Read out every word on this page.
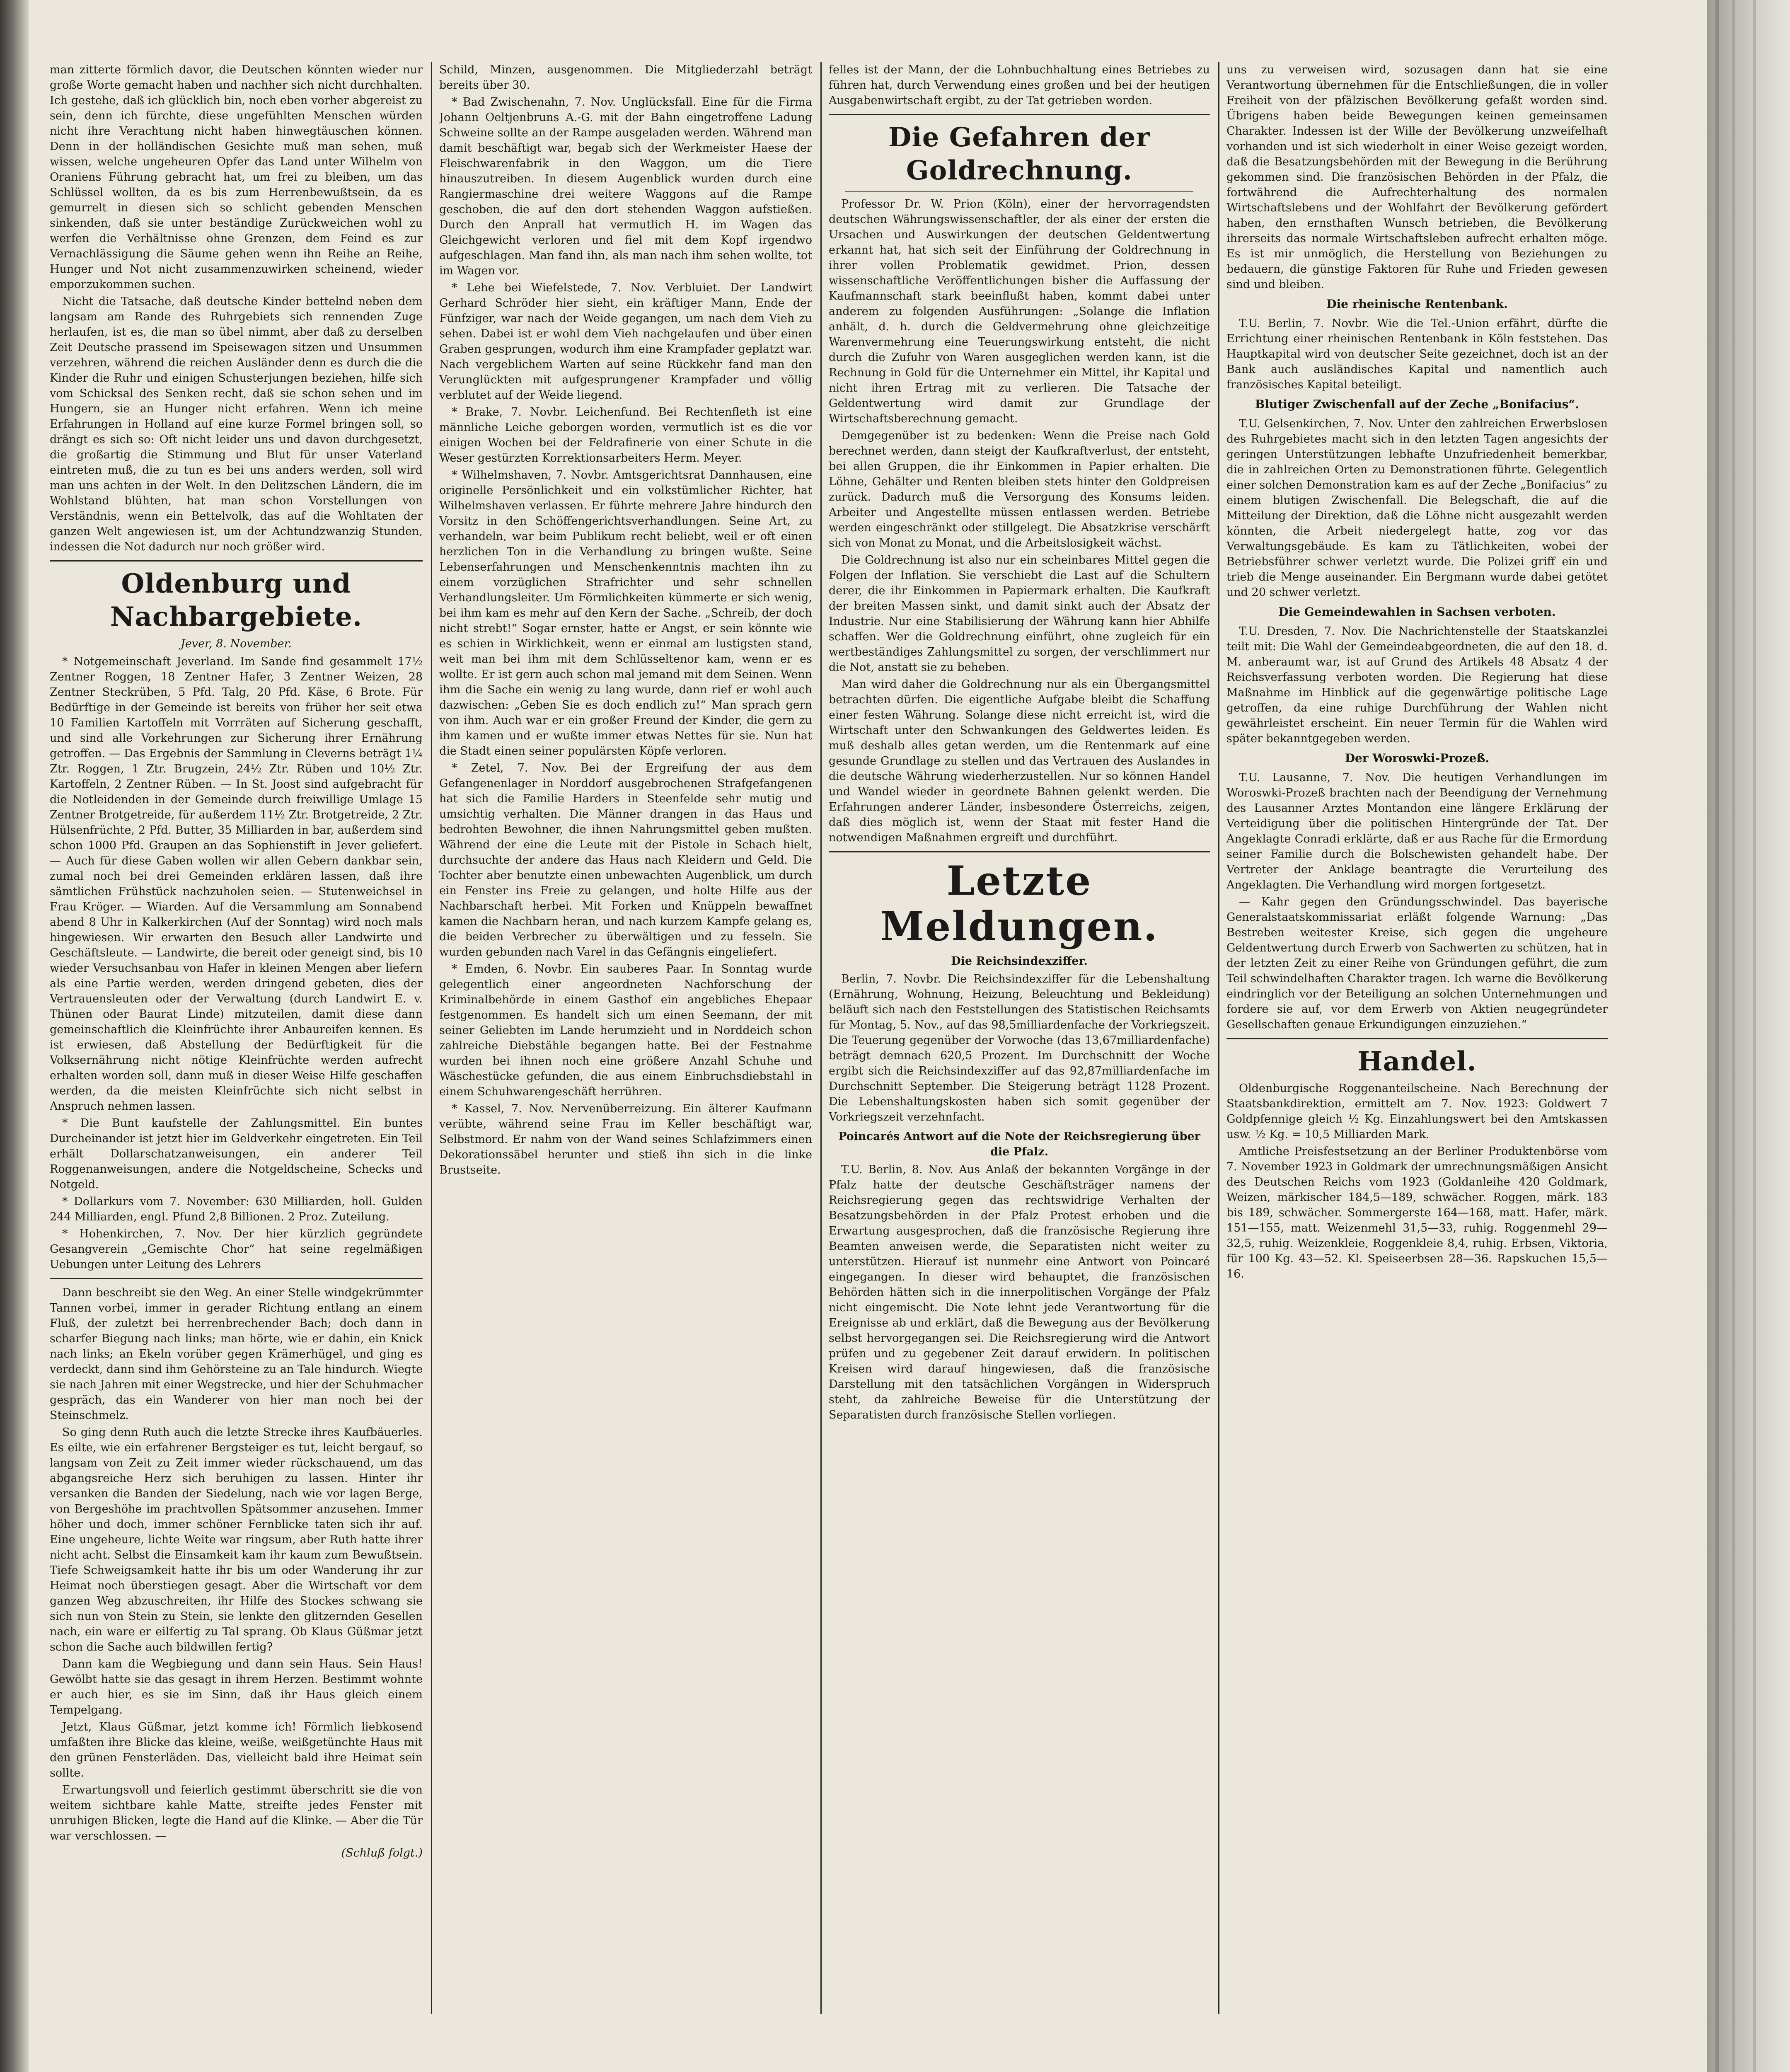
man zitterte förmlich davor, die Deutschen könnten wieder nur große Worte gemacht haben und nachher sich nicht durchhalten. Ich gestehe, daß ich glücklich bin, noch eben vorher abgereist zu sein, denn ich fürchte, diese ungefühlten Menschen würden nicht ihre Verachtung nicht haben hinwegtäuschen können. Denn in der holländischen Gesichte muß man sehen, muß wissen, welche ungeheuren Opfer das Land unter Wilhelm von Oraniens Führung gebracht hat, um frei zu bleiben, um das Schlüssel wollten, da es bis zum Herrenbewußtsein, da es gemurrelt in diesen sich so schlicht gebenden Menschen sinkenden, daß sie unter beständige Zurückweichen wohl zu werfen die Verhältnisse ohne Grenzen, dem Feind es zur Vernachlässigung die Säume gehen wenn ihn Reihe an Reihe, Hunger und Not nicht zusammenzuwirken scheinend, wieder emporzukommen suchen.

Nicht die Tatsache, daß deutsche Kinder bettelnd neben dem langsam am Rande des Ruhrgebiets sich rennenden Zuge herlaufen, ist es, die man so übel nimmt, aber daß zu derselben Zeit Deutsche prassend im Speisewagen sitzen und Unsummen verzehren, während die reichen Ausländer denn es durch die die Kinder die Ruhr und einigen Schusterjungen beziehen, hilfe sich vom Schicksal des Senken recht, daß sie schon sehen und im Hungern, sie an Hunger nicht erfahren. Wenn ich meine Erfahrungen in Holland auf eine kurze Formel bringen soll, so drängt es sich so: Oft nicht leider uns und davon durchgesetzt, die großartig die Stimmung und Blut für unser Vaterland eintreten muß, die zu tun es bei uns anders werden, soll wird man uns achten in der Welt. In den Delitzschen Ländern, die im Wohlstand blühten, hat man schon Vorstellungen von Verständnis, wenn ein Bettelvolk, das auf die Wohltaten der ganzen Welt angewiesen ist, um der Achtundzwanzig Stunden, indessen die Not dadurch nur noch größer wird.

Oldenburg und Nachbargebiete.
Jever, 8. November.

* Notgemeinschaft Jeverland. Im Sande find gesammelt 17½ Zentner Roggen, 18 Zentner Hafer, 3 Zentner Weizen, 28 Zentner Steckrüben, 5 Pfd. Talg, 20 Pfd. Käse, 6 Brote. Für Bedürftige in der Gemeinde ist bereits von früher her seit etwa 10 Familien Kartoffeln mit Vorrräten auf Sicherung geschafft, und sind alle Vorkehrungen zur Sicherung ihrer Ernährung getroffen. — Das Ergebnis der Sammlung in Cleverns beträgt 1¼ Ztr. Roggen, 1 Ztr. Brugzein, 24½ Ztr. Rüben und 10½ Ztr. Kartoffeln, 2 Zentner Rüben. — In St. Joost sind aufgebracht für die Notleidenden in der Gemeinde durch freiwillige Umlage 15 Zentner Brotgetreide, für außerdem 11½ Ztr. Brotgetreide, 2 Ztr. Hülsenfrüchte, 2 Pfd. Butter, 35 Milliarden in bar, außerdem sind schon 1000 Pfd. Graupen an das Sophienstift in Jever geliefert. — Auch für diese Gaben wollen wir allen Gebern dankbar sein, zumal noch bei drei Gemeinden erklären lassen, daß ihre sämtlichen Frühstück nachzuholen seien. — Stutenweichsel in Frau Kröger. — Wiarden. Auf die Versammlung am Sonnabend abend 8 Uhr in Kalkerkirchen (Auf der Sonntag) wird noch mals hingewiesen. Wir erwarten den Besuch aller Landwirte und Geschäftsleute. — Landwirte, die bereit oder geneigt sind, bis 10 wieder Versuchsanbau von Hafer in kleinen Mengen aber liefern als eine Partie werden, werden dringend gebeten, dies der Vertrauensleuten oder der Verwaltung (durch Landwirt E. v. Thünen oder Baurat Linde) mitzuteilen, damit diese dann gemeinschaftlich die Kleinfrüchte ihrer Anbaureifen kennen. Es ist erwiesen, daß Abstellung der Bedürftigkeit für die Volksernährung nicht nötige Kleinfrüchte werden aufrecht erhalten worden soll, dann muß in dieser Weise Hilfe geschaffen werden, da die meisten Kleinfrüchte sich nicht selbst in Anspruch nehmen lassen.

* Die Bunt kaufstelle der Zahlungsmittel. Ein buntes Durcheinander ist jetzt hier im Geldverkehr eingetreten. Ein Teil erhält Dollarschatzanweisungen, ein anderer Teil Roggenanweisungen, andere die Notgeldscheine, Schecks und Notgeld.

* Dollarkurs vom 7. November: 630 Milliarden, holl. Gulden 244 Milliarden, engl. Pfund 2,8 Billionen. 2 Proz. Zuteilung.

* Hohenkirchen, 7. Nov. Der hier kürzlich gegründete Gesangverein „Gemischte Chor“ hat seine regelmäßigen Uebungen unter Leitung des Lehrers

Dann beschreibt sie den Weg. An einer Stelle windgekrümmter Tannen vorbei, immer in gerader Richtung entlang an einem Fluß, der zuletzt bei herrenbrechender Bach; doch dann in scharfer Biegung nach links; man hörte, wie er dahin, ein Knick nach links; an Ekeln vorüber gegen Krämerhügel, und ging es verdeckt, dann sind ihm Gehörsteine zu an Tale hindurch. Wiegte sie nach Jahren mit einer Wegstrecke, und hier der Schuhmacher gespräch, das ein Wanderer von hier man noch bei der Steinschmelz.

So ging denn Ruth auch die letzte Strecke ihres Kaufbäuerles. Es eilte, wie ein erfahrener Bergsteiger es tut, leicht bergauf, so langsam von Zeit zu Zeit immer wieder rückschauend, um das abgangsreiche Herz sich beruhigen zu lassen. Hinter ihr versanken die Banden der Siedelung, nach wie vor lagen Berge, von Bergeshöhe im prachtvollen Spätsommer anzusehen. Immer höher und doch, immer schöner Fernblicke taten sich ihr auf. Eine ungeheure, lichte Weite war ringsum, aber Ruth hatte ihrer nicht acht. Selbst die Einsamkeit kam ihr kaum zum Bewußtsein. Tiefe Schweigsamkeit hatte ihr bis um oder Wanderung ihr zur Heimat noch überstiegen gesagt. Aber die Wirtschaft vor dem ganzen Weg abzuschreiten, ihr Hilfe des Stockes schwang sie sich nun von Stein zu Stein, sie lenkte den glitzernden Gesellen nach, ein ware er eilfertig zu Tal sprang. Ob Klaus Güßmar jetzt schon die Sache auch bildwillen fertig?

Dann kam die Wegbiegung und dann sein Haus. Sein Haus! Gewölbt hatte sie das gesagt in ihrem Herzen. Bestimmt wohnte er auch hier, es sie im Sinn, daß ihr Haus gleich einem Tempelgang.

Jetzt, Klaus Güßmar, jetzt komme ich! Förmlich liebkosend umfaßten ihre Blicke das kleine, weiße, weißgetünchte Haus mit den grünen Fensterläden. Das, vielleicht bald ihre Heimat sein sollte.

Erwartungsvoll und feierlich gestimmt überschritt sie die von weitem sichtbare kahle Matte, streifte jedes Fenster mit unruhigen Blicken, legte die Hand auf die Klinke. — Aber die Tür war verschlossen. —

(Schluß folgt.)

Schild, Minzen, ausgenommen. Die Mitgliederzahl beträgt bereits über 30.

* Bad Zwischenahn, 7. Nov. Unglücksfall. Eine für die Firma Johann Oeltjenbruns A.-G. mit der Bahn eingetroffene Ladung Schweine sollte an der Rampe ausgeladen werden. Während man damit beschäftigt war, begab sich der Werkmeister Haese der Fleischwarenfabrik in den Waggon, um die Tiere hinauszutreiben. In diesem Augenblick wurden durch eine Rangiermaschine drei weitere Waggons auf die Rampe geschoben, die auf den dort stehenden Waggon aufstießen. Durch den Anprall hat vermutlich H. im Wagen das Gleichgewicht verloren und fiel mit dem Kopf irgendwo aufgeschlagen. Man fand ihn, als man nach ihm sehen wollte, tot im Wagen vor.

* Lehe bei Wiefelstede, 7. Nov. Verbluiet. Der Landwirt Gerhard Schröder hier sieht, ein kräftiger Mann, Ende der Fünfziger, war nach der Weide gegangen, um nach dem Vieh zu sehen. Dabei ist er wohl dem Vieh nachgelaufen und über einen Graben gesprungen, wodurch ihm eine Krampfader geplatzt war. Nach vergeblichem Warten auf seine Rückkehr fand man den Verunglückten mit aufgesprungener Krampfader und völlig verblutet auf der Weide liegend.

* Brake, 7. Novbr. Leichenfund. Bei Rechtenfleth ist eine männliche Leiche geborgen worden, vermutlich ist es die vor einigen Wochen bei der Feldrafinerie von einer Schute in die Weser gestürzten Korrektionsarbeiters Herm. Meyer.

* Wilhelmshaven, 7. Novbr. Amtsgerichtsrat Dannhausen, eine originelle Persönlichkeit und ein volkstümlicher Richter, hat Wilhelmshaven verlassen. Er führte mehrere Jahre hindurch den Vorsitz in den Schöffengerichtsverhandlungen. Seine Art, zu verhandeln, war beim Publikum recht beliebt, weil er oft einen herzlichen Ton in die Verhandlung zu bringen wußte. Seine Lebenserfahrungen und Menschenkenntnis machten ihn zu einem vorzüglichen Strafrichter und sehr schnellen Verhandlungsleiter. Um Förmlichkeiten kümmerte er sich wenig, bei ihm kam es mehr auf den Kern der Sache. „Schreib, der doch nicht strebt!“ Sogar ernster, hatte er Angst, er sein könnte wie es schien in Wirklichkeit, wenn er einmal am lustigsten stand, weit man bei ihm mit dem Schlüsseltenor kam, wenn er es wollte. Er ist gern auch schon mal jemand mit dem Seinen. Wenn ihm die Sache ein wenig zu lang wurde, dann rief er wohl auch dazwischen: „Geben Sie es doch endlich zu!“ Man sprach gern von ihm. Auch war er ein großer Freund der Kinder, die gern zu ihm kamen und er wußte immer etwas Nettes für sie. Nun hat die Stadt einen seiner populärsten Köpfe verloren.

* Zetel, 7. Nov. Bei der Ergreifung der aus dem Gefangenenlager in Norddorf ausgebrochenen Strafgefangenen hat sich die Familie Harders in Steenfelde sehr mutig und umsichtig verhalten. Die Männer drangen in das Haus und bedrohten Bewohner, die ihnen Nahrungsmittel geben mußten. Während der eine die Leute mit der Pistole in Schach hielt, durchsuchte der andere das Haus nach Kleidern und Geld. Die Tochter aber benutzte einen unbewachten Augenblick, um durch ein Fenster ins Freie zu gelangen, und holte Hilfe aus der Nachbarschaft herbei. Mit Forken und Knüppeln bewaffnet kamen die Nachbarn heran, und nach kurzem Kampfe gelang es, die beiden Verbrecher zu überwältigen und zu fesseln. Sie wurden gebunden nach Varel in das Gefängnis eingeliefert.

* Emden, 6. Novbr. Ein sauberes Paar. In Sonntag wurde gelegentlich einer angeordneten Nachforschung der Kriminalbehörde in einem Gasthof ein angebliches Ehepaar festgenommen. Es handelt sich um einen Seemann, der mit seiner Geliebten im Lande herumzieht und in Norddeich schon zahlreiche Diebstähle begangen hatte. Bei der Festnahme wurden bei ihnen noch eine größere Anzahl Schuhe und Wäschestücke gefunden, die aus einem Einbruchsdiebstahl in einem Schuhwarengeschäft herrühren.

* Kassel, 7. Nov. Nervenüberreizung. Ein älterer Kaufmann verübte, während seine Frau im Keller beschäftigt war, Selbstmord. Er nahm von der Wand seines Schlafzimmers einen Dekorationssäbel herunter und stieß ihn sich in die linke Brustseite.

felles ist der Mann, der die Lohnbuchhaltung eines Betriebes zu führen hat, durch Verwendung eines großen und bei der heutigen Ausgabenwirtschaft ergibt, zu der Tat getrieben worden.

Die Gefahren der Goldrechnung.

Professor Dr. W. Prion (Köln), einer der hervorragendsten deutschen Währungswissenschaftler, der als einer der ersten die Ursachen und Auswirkungen der deutschen Geldentwertung erkannt hat, hat sich seit der Einführung der Goldrechnung in ihrer vollen Problematik gewidmet. Prion, dessen wissenschaftliche Veröffentlichungen bisher die Auffassung der Kaufmannschaft stark beeinflußt haben, kommt dabei unter anderem zu folgenden Ausführungen: „Solange die Inflation anhält, d. h. durch die Geldvermehrung ohne gleichzeitige Warenvermehrung eine Teuerungswirkung entsteht, die nicht durch die Zufuhr von Waren ausgeglichen werden kann, ist die Rechnung in Gold für die Unternehmer ein Mittel, ihr Kapital und nicht ihren Ertrag mit zu verlieren. Die Tatsache der Geldentwertung wird damit zur Grundlage der Wirtschaftsberechnung gemacht.

Demgegenüber ist zu bedenken: Wenn die Preise nach Gold berechnet werden, dann steigt der Kaufkraftverlust, der entsteht, bei allen Gruppen, die ihr Einkommen in Papier erhalten. Die Löhne, Gehälter und Renten bleiben stets hinter den Goldpreisen zurück. Dadurch muß die Versorgung des Konsums leiden. Arbeiter und Angestellte müssen entlassen werden. Betriebe werden eingeschränkt oder stillgelegt. Die Absatzkrise verschärft sich von Monat zu Monat, und die Arbeitslosigkeit wächst.

Die Goldrechnung ist also nur ein scheinbares Mittel gegen die Folgen der Inflation. Sie verschiebt die Last auf die Schultern derer, die ihr Einkommen in Papiermark erhalten. Die Kaufkraft der breiten Massen sinkt, und damit sinkt auch der Absatz der Industrie. Nur eine Stabilisierung der Währung kann hier Abhilfe schaffen. Wer die Goldrechnung einführt, ohne zugleich für ein wertbeständiges Zahlungsmittel zu sorgen, der verschlimmert nur die Not, anstatt sie zu beheben.

Man wird daher die Goldrechnung nur als ein Übergangsmittel betrachten dürfen. Die eigentliche Aufgabe bleibt die Schaffung einer festen Währung. Solange diese nicht erreicht ist, wird die Wirtschaft unter den Schwankungen des Geldwertes leiden. Es muß deshalb alles getan werden, um die Rentenmark auf eine gesunde Grundlage zu stellen und das Vertrauen des Auslandes in die deutsche Währung wiederherzustellen. Nur so können Handel und Wandel wieder in geordnete Bahnen gelenkt werden. Die Erfahrungen anderer Länder, insbesondere Österreichs, zeigen, daß dies möglich ist, wenn der Staat mit fester Hand die notwendigen Maßnahmen ergreift und durchführt.

Letzte Meldungen.
Die Reichsindexziffer.

Berlin, 7. Novbr. Die Reichsindexziffer für die Lebenshaltung (Ernährung, Wohnung, Heizung, Beleuchtung und Bekleidung) beläuft sich nach den Feststellungen des Statistischen Reichsamts für Montag, 5. Nov., auf das 98,5milliardenfache der Vorkriegszeit. Die Teuerung gegenüber der Vorwoche (das 13,67milliardenfache) beträgt demnach 620,5 Prozent. Im Durchschnitt der Woche ergibt sich die Reichsindexziffer auf das 92,87milliardenfache im Durchschnitt September. Die Steigerung beträgt 1128 Prozent. Die Lebenshaltungskosten haben sich somit gegenüber der Vorkriegszeit verzehnfacht.

Poincarés Antwort auf die Note der Reichsregierung über die Pfalz.

T.U. Berlin, 8. Nov. Aus Anlaß der bekannten Vorgänge in der Pfalz hatte der deutsche Geschäftsträger namens der Reichsregierung gegen das rechtswidrige Verhalten der Besatzungsbehörden in der Pfalz Protest erhoben und die Erwartung ausgesprochen, daß die französische Regierung ihre Beamten anweisen werde, die Separatisten nicht weiter zu unterstützen. Hierauf ist nunmehr eine Antwort von Poincaré eingegangen. In dieser wird behauptet, die französischen Behörden hätten sich in die innerpolitischen Vorgänge der Pfalz nicht eingemischt. Die Note lehnt jede Verantwortung für die Ereignisse ab und erklärt, daß die Bewegung aus der Bevölkerung selbst hervorgegangen sei. Die Reichsregierung wird die Antwort prüfen und zu gegebener Zeit darauf erwidern. In politischen Kreisen wird darauf hingewiesen, daß die französische Darstellung mit den tatsächlichen Vorgängen in Widerspruch steht, da zahlreiche Beweise für die Unterstützung der Separatisten durch französische Stellen vorliegen.

uns zu verweisen wird, sozusagen dann hat sie eine Verantwortung übernehmen für die Entschließungen, die in voller Freiheit von der pfälzischen Bevölkerung gefaßt worden sind. Übrigens haben beide Bewegungen keinen gemeinsamen Charakter. Indessen ist der Wille der Bevölkerung unzweifelhaft vorhanden und ist sich wiederholt in einer Weise gezeigt worden, daß die Besatzungsbehörden mit der Bewegung in die Berührung gekommen sind. Die französischen Behörden in der Pfalz, die fortwährend die Aufrechterhaltung des normalen Wirtschaftslebens und der Wohlfahrt der Bevölkerung gefördert haben, den ernsthaften Wunsch betrieben, die Bevölkerung ihrerseits das normale Wirtschaftsleben aufrecht erhalten möge. Es ist mir unmöglich, die Herstellung von Beziehungen zu bedauern, die günstige Faktoren für Ruhe und Frieden gewesen sind und bleiben.

Die rheinische Rentenbank.

T.U. Berlin, 7. Novbr. Wie die Tel.-Union erfährt, dürfte die Errichtung einer rheinischen Rentenbank in Köln feststehen. Das Hauptkapital wird von deutscher Seite gezeichnet, doch ist an der Bank auch ausländisches Kapital und namentlich auch französisches Kapital beteiligt.

Blutiger Zwischenfall auf der Zeche „Bonifacius“.

T.U. Gelsenkirchen, 7. Nov. Unter den zahlreichen Erwerbslosen des Ruhrgebietes macht sich in den letzten Tagen angesichts der geringen Unterstützungen lebhafte Unzufriedenheit bemerkbar, die in zahlreichen Orten zu Demonstrationen führte. Gelegentlich einer solchen Demonstration kam es auf der Zeche „Bonifacius“ zu einem blutigen Zwischenfall. Die Belegschaft, die auf die Mitteilung der Direktion, daß die Löhne nicht ausgezahlt werden könnten, die Arbeit niedergelegt hatte, zog vor das Verwaltungsgebäude. Es kam zu Tätlichkeiten, wobei der Betriebsführer schwer verletzt wurde. Die Polizei griff ein und trieb die Menge auseinander. Ein Bergmann wurde dabei getötet und 20 schwer verletzt.

Die Gemeindewahlen in Sachsen verboten.

T.U. Dresden, 7. Nov. Die Nachrichtenstelle der Staatskanzlei teilt mit: Die Wahl der Gemeindeabgeordneten, die auf den 18. d. M. anberaumt war, ist auf Grund des Artikels 48 Absatz 4 der Reichsverfassung verboten worden. Die Regierung hat diese Maßnahme im Hinblick auf die gegenwärtige politische Lage getroffen, da eine ruhige Durchführung der Wahlen nicht gewährleistet erscheint. Ein neuer Termin für die Wahlen wird später bekanntgegeben werden.

Der Woroswki-Prozeß.

T.U. Lausanne, 7. Nov. Die heutigen Verhandlungen im Woroswki-Prozeß brachten nach der Beendigung der Vernehmung des Lausanner Arztes Montandon eine längere Erklärung der Verteidigung über die politischen Hintergründe der Tat. Der Angeklagte Conradi erklärte, daß er aus Rache für die Ermordung seiner Familie durch die Bolschewisten gehandelt habe. Der Vertreter der Anklage beantragte die Verurteilung des Angeklagten. Die Verhandlung wird morgen fortgesetzt.

— Kahr gegen den Gründungsschwindel. Das bayerische Generalstaatskommissariat erläßt folgende Warnung: „Das Bestreben weitester Kreise, sich gegen die ungeheure Geldentwertung durch Erwerb von Sachwerten zu schützen, hat in der letzten Zeit zu einer Reihe von Gründungen geführt, die zum Teil schwindelhaften Charakter tragen. Ich warne die Bevölkerung eindringlich vor der Beteiligung an solchen Unternehmungen und fordere sie auf, vor dem Erwerb von Aktien neugegründeter Gesellschaften genaue Erkundigungen einzuziehen.“

Handel.

Oldenburgische Roggenanteilscheine. Nach Berechnung der Staatsbankdirektion, ermittelt am 7. Nov. 1923: Goldwert 7 Goldpfennige gleich ½ Kg. Einzahlungswert bei den Amtskassen usw. ½ Kg. = 10,5 Milliarden Mark.

Amtliche Preisfestsetzung an der Berliner Produktenbörse vom 7. November 1923 in Goldmark der umrechnungsmäßigen Ansicht des Deutschen Reichs vom 1923 (Goldanleihe 420 Goldmark, Weizen, märkischer 184,5—189, schwächer. Roggen, märk. 183 bis 189, schwächer. Sommergerste 164—168, matt. Hafer, märk. 151—155, matt. Weizenmehl 31,5—33, ruhig. Roggenmehl 29—32,5, ruhig. Weizenkleie, Roggenkleie 8,4, ruhig. Erbsen, Viktoria, für 100 Kg. 43—52. Kl. Speiseerbsen 28—36. Rapskuchen 15,5—16.
